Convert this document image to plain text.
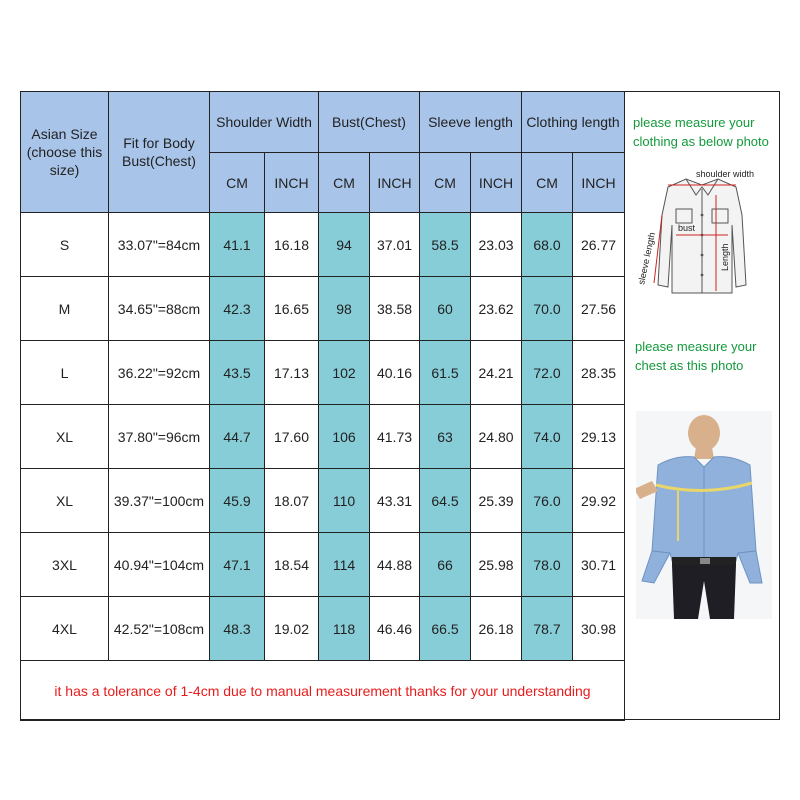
Asian Size (choose this size)	Fit for Body Bust(Chest)	Shoulder Width		Bust(Chest)		Sleeve length		Clothing length	
		CM	INCH	CM	INCH	CM	INCH	CM	INCH
S	33.07"=84cm	41.1	16.18	94	37.01	58.5	23.03	68.0	26.77
M	34.65"=88cm	42.3	16.65	98	38.58	60	23.62	70.0	27.56
L	36.22"=92cm	43.5	17.13	102	40.16	61.5	24.21	72.0	28.35
XL	37.80"=96cm	44.7	17.60	106	41.73	63	24.80	74.0	29.13
XL	39.37"=100cm	45.9	18.07	110	43.31	64.5	25.39	76.0	29.92
3XL	40.94"=104cm	47.1	18.54	114	44.88	66	25.98	78.0	30.71
4XL	42.52"=108cm	48.3	19.02	118	46.46	66.5	26.18	78.7	30.98
it has a tolerance of 1-4cm due to manual measurement thanks for your understanding									
please measure your
clothing as below photo
shoulder width
bust
sleeve length	Length
please measure your
chest as this photo
